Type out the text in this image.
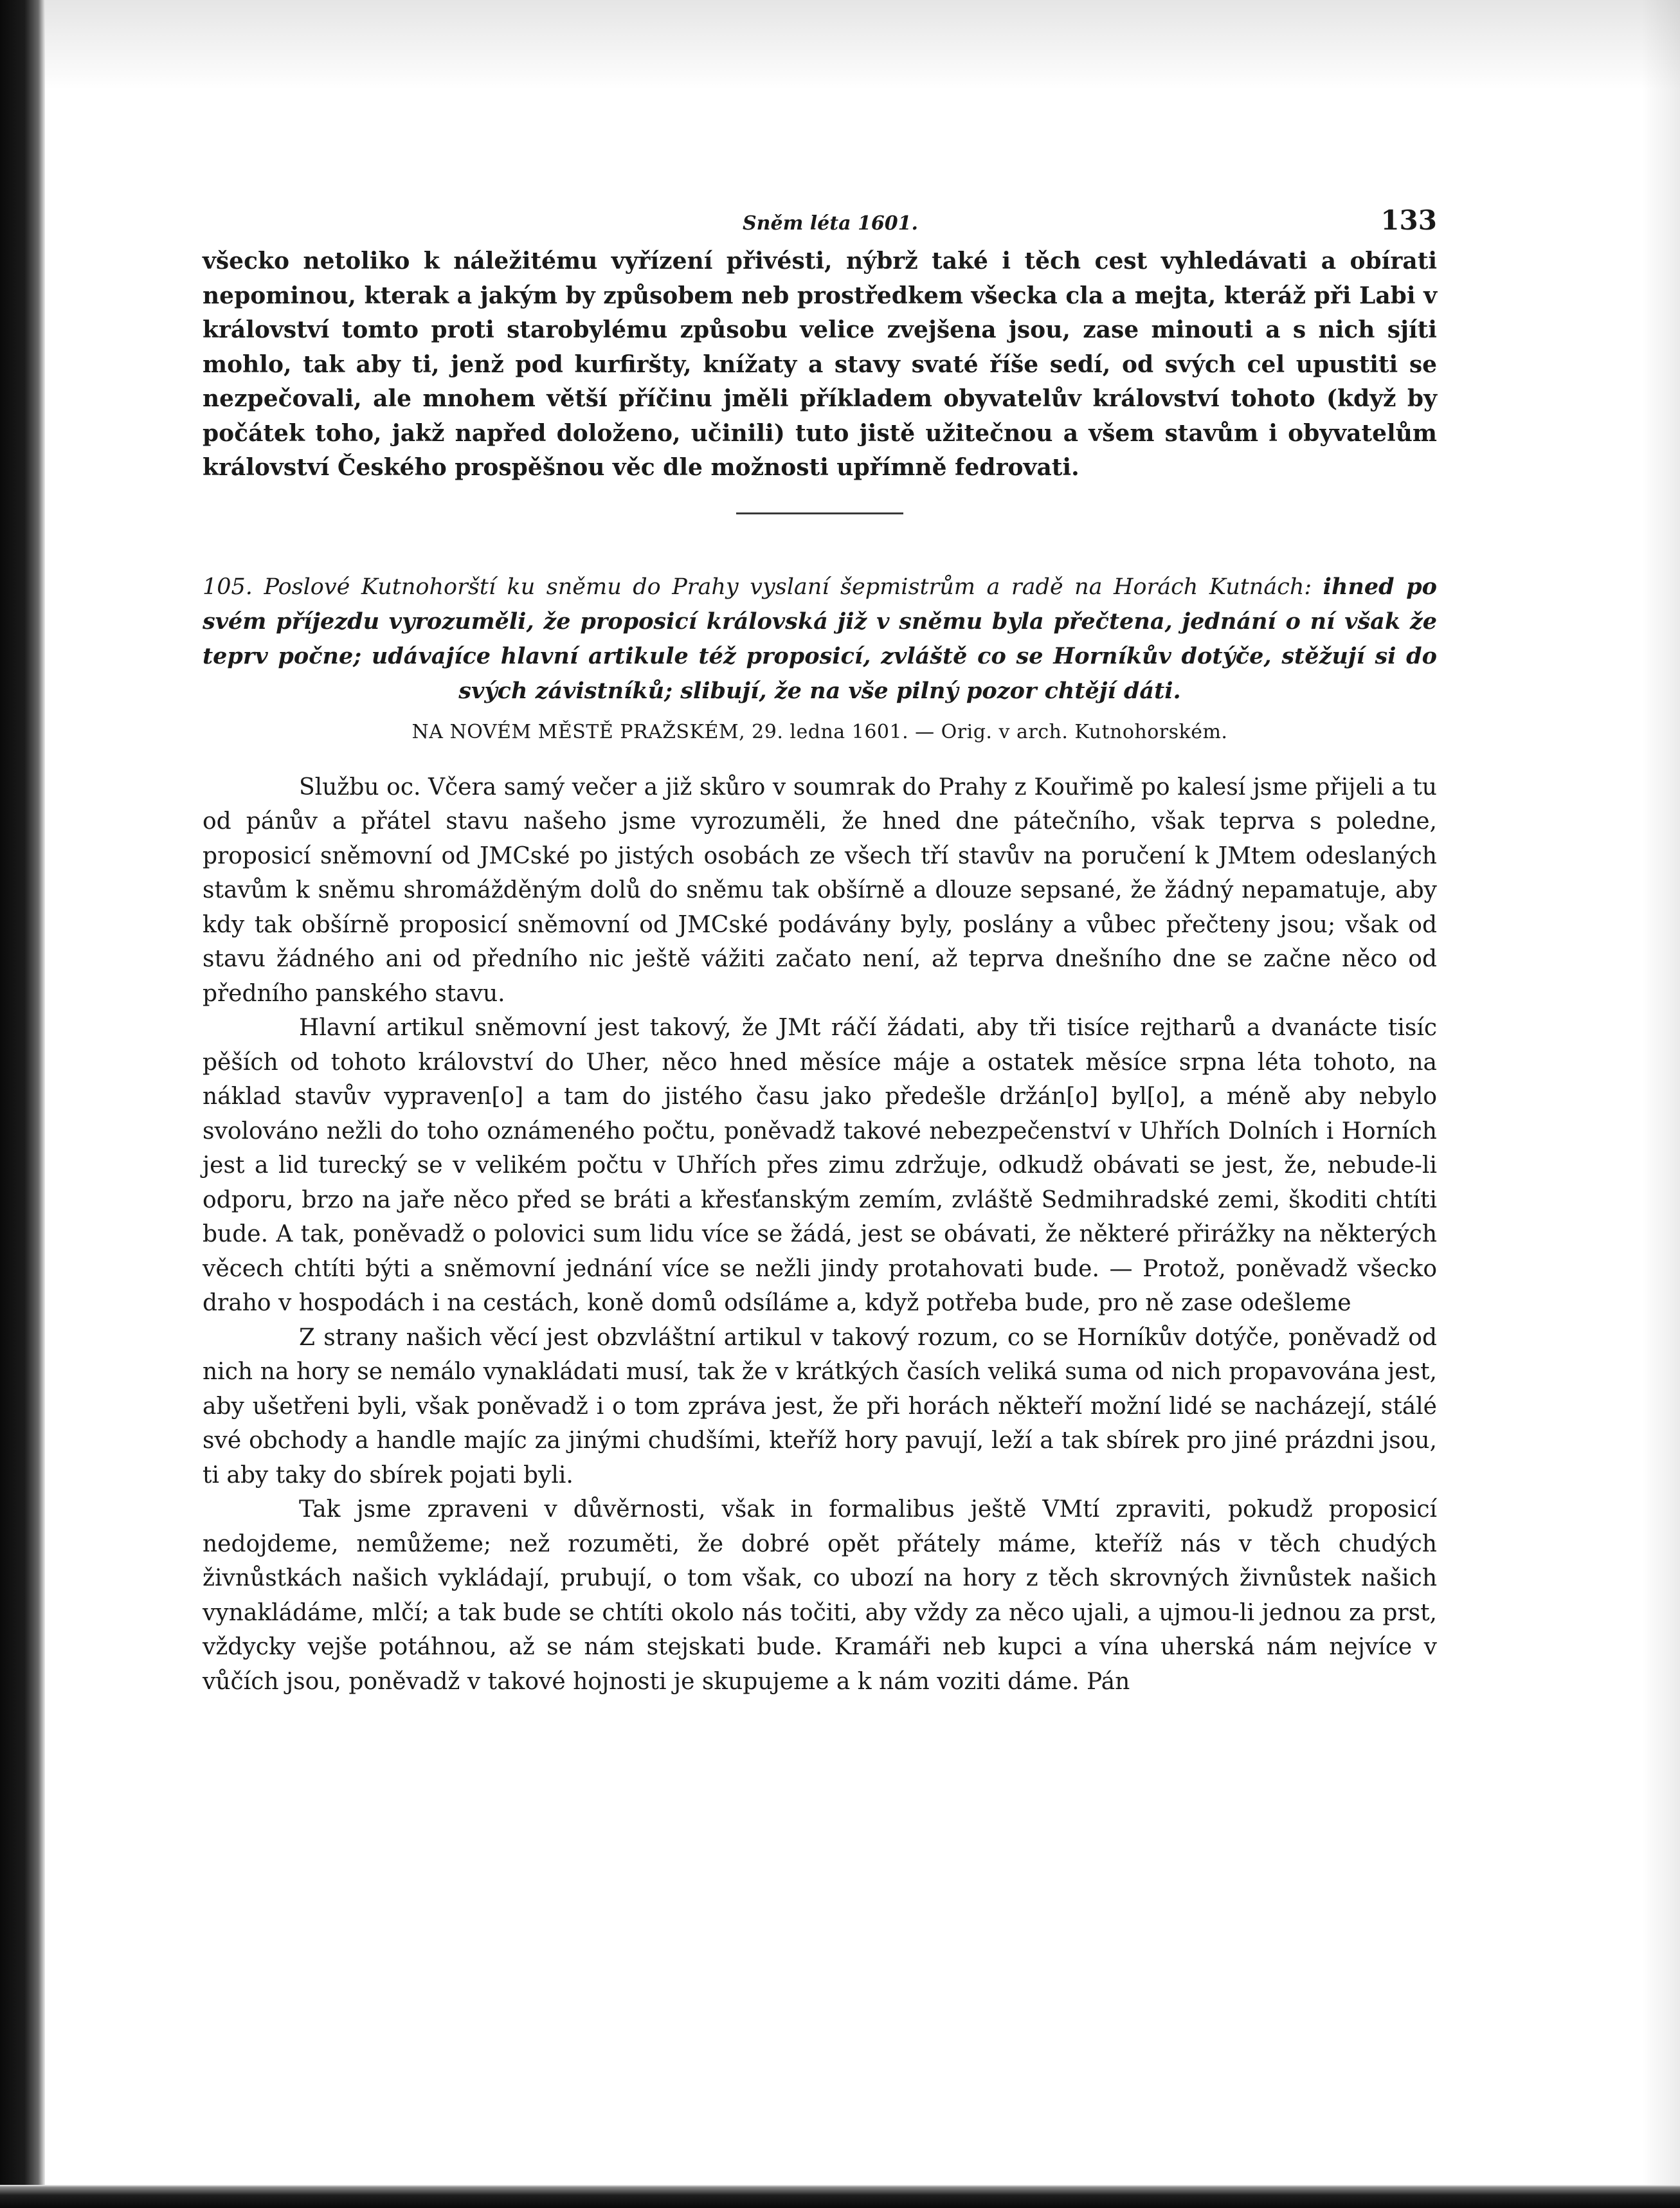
Sněm léta 1601.	133

všecko netoliko k náležitému vyřízení přivésti, nýbrž také i těch cest vyhledávati a obírati nepominou, kterak a jakým by způsobem neb prostředkem všecka cla a mejta, kteráž při Labi v království tomto proti starobylému způsobu velice zvejšena jsou, zase minouti a s nich sjíti mohlo, tak aby ti, jenž pod kurfiršty, knížaty a stavy svaté říše sedí, od svých cel upustiti se nezpečovali, ale mnohem větší příčinu jměli příkladem obyvatelův království tohoto (když by počátek toho, jakž napřed doloženo, učinili) tuto jistě užitečnou a všem stavům i obyvatelům království Českého prospěšnou věc dle možnosti upřímně fedrovati.

105. Poslové Kutnohorští ku sněmu do Prahy vyslaní šepmistrům a radě na Horách Kutnách: ihned po svém příjezdu vyrozuměli, že proposicí královská již v sněmu byla přečtena, jednání o ní však že teprv počne; udávajíce hlavní artikule též proposicí, zvláště co se Horníkův dotýče, stěžují si do svých závistníků; slibují, že na vše pilný pozor chtějí dáti.

NA NOVÉM MĚSTĚ PRAŽSKÉM, 29. ledna 1601. — Orig. v arch. Kutnohorském.

Službu oc. Včera samý večer a již skůro v soumrak do Prahy z Kouřimě po kalesí jsme přijeli a tu od pánův a přátel stavu našeho jsme vyrozuměli, že hned dne pátečního, však teprva s poledne, proposicí sněmovní od JMCské po jistých osobách ze všech tří stavův na poručení k JMtem odeslaných stavům k sněmu shromážděným dolů do sněmu tak obšírně a dlouze sepsané, že žádný nepamatuje, aby kdy tak obšírně proposicí sněmovní od JMCské podávány byly, poslány a vůbec přečteny jsou; však od stavu žádného ani od předního nic ještě vážiti začato není, až teprva dnešního dne se začne něco od předního panského stavu.

Hlavní artikul sněmovní jest takový, že JMt ráčí žádati, aby tři tisíce rejtharů a dvanácte tisíc pěších od tohoto království do Uher, něco hned měsíce máje a ostatek měsíce srpna léta tohoto, na náklad stavův vypraven[o] a tam do jistého času jako předešle držán[o] byl[o], a méně aby nebylo svolováno nežli do toho oznámeného počtu, poněvadž takové nebezpečenství v Uhřích Dolních i Horních jest a lid turecký se v velikém počtu v Uhřích přes zimu zdržuje, odkudž obávati se jest, že, nebude-li odporu, brzo na jaře něco před se bráti a křesťanským zemím, zvláště Sedmihradské zemi, škoditi chtíti bude. A tak, poněvadž o polovici sum lidu více se žádá, jest se obávati, že některé přirážky na některých věcech chtíti býti a sněmovní jednání více se nežli jindy protahovati bude. — Protož, poněvadž všecko draho v hospodách i na cestách, koně domů odsíláme a, když potřeba bude, pro ně zase odešleme

Z strany našich věcí jest obzvláštní artikul v takový rozum, co se Horníkův dotýče, poněvadž od nich na hory se nemálo vynakládati musí, tak že v krátkých časích veliká suma od nich propavována jest, aby ušetřeni byli, však poněvadž i o tom zpráva jest, že při horách někteří možní lidé se nacházejí, stálé své obchody a handle majíc za jinými chudšími, kteříž hory pavují, leží a tak sbírek pro jiné prázdni jsou, ti aby taky do sbírek pojati byli.

Tak jsme zpraveni v důvěrnosti, však in formalibus ještě VMtí zpraviti, pokudž proposicí nedojdeme, nemůžeme; než rozuměti, že dobré opět přátely máme, kteříž nás v těch chudých živnůstkách našich vykládají, prubují, o tom však, co ubozí na hory z těch skrovných živnůstek našich vynakládáme, mlčí; a tak bude se chtíti okolo nás točiti, aby vždy za něco ujali, a ujmou-li jednou za prst, vždycky vejše potáhnou, až se nám stejskati bude. Kramáři neb kupci a vína uherská nám nejvíce v vůčích jsou, poněvadž v takové hojnosti je skupujeme a k nám voziti dáme. Pán
